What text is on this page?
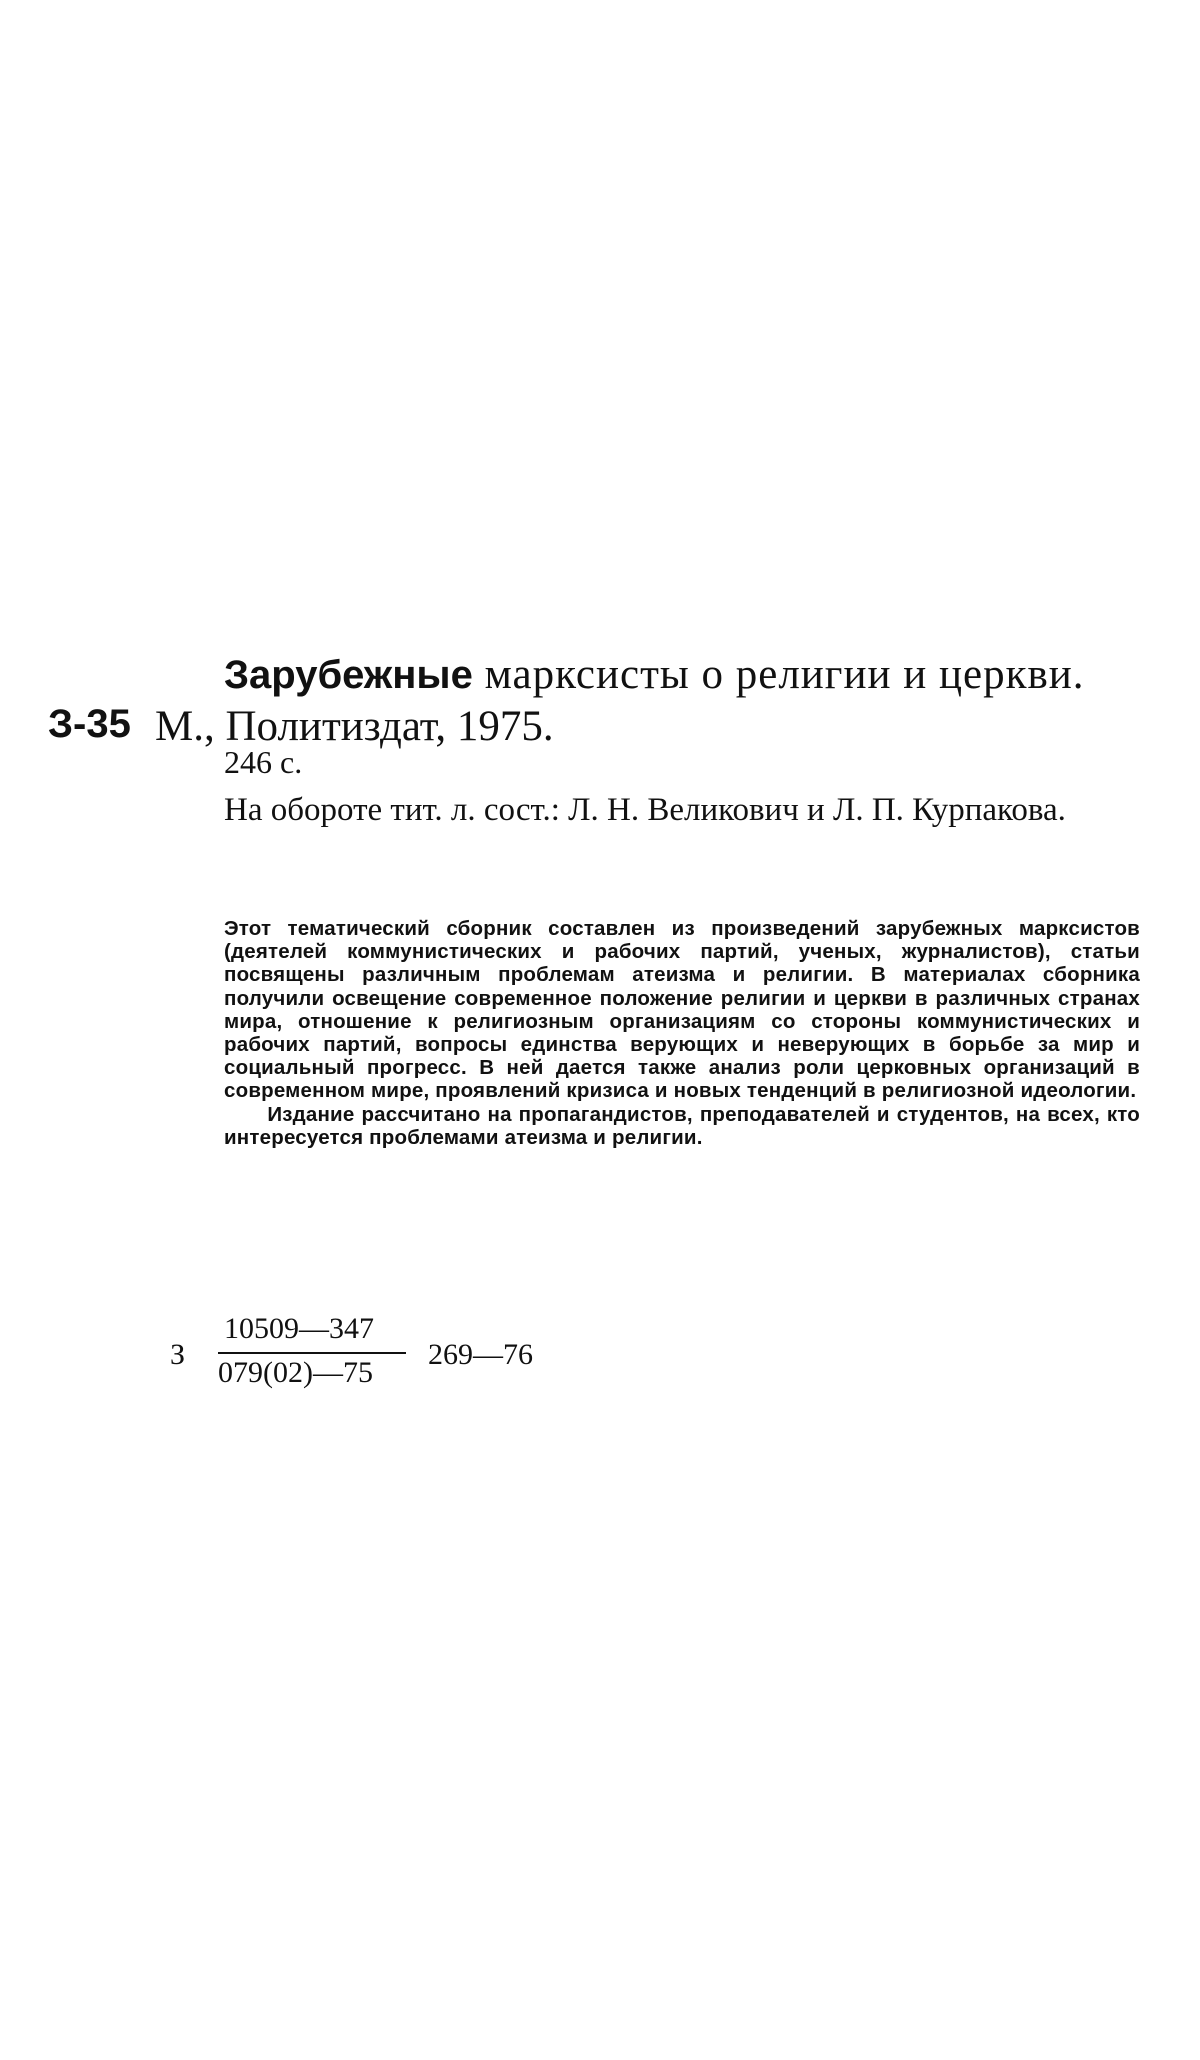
Зарубежные марксисты о религии и церкви.
З-35 М., Политиздат, 1975.
246 с.
На обороте тит. л. сост.: Л. Н. Великович и Л. П. Курпакова.

Этот тематический сборник составлен из произведений зарубежных марксистов (деятелей коммунистических и рабочих партий, ученых, журналистов), статьи посвящены различным проблемам атеизма и религии. В материалах сборника получили освещение современное положение религии и церкви в различных странах мира, отношение к религиозным организациям со стороны коммунистических и рабочих партий, вопросы единства верующих и неверующих в борьбе за мир и социальный прогресс. В ней дается также анализ роли церковных организаций в современном мире, проявлений кризиса и новых тенденций в религиозной идеологии.

Издание рассчитано на пропагандистов, преподавателей и студентов, на всех, кто интересуется проблемами атеизма и религии.

З
10509—347
079(02)—75
269—76
